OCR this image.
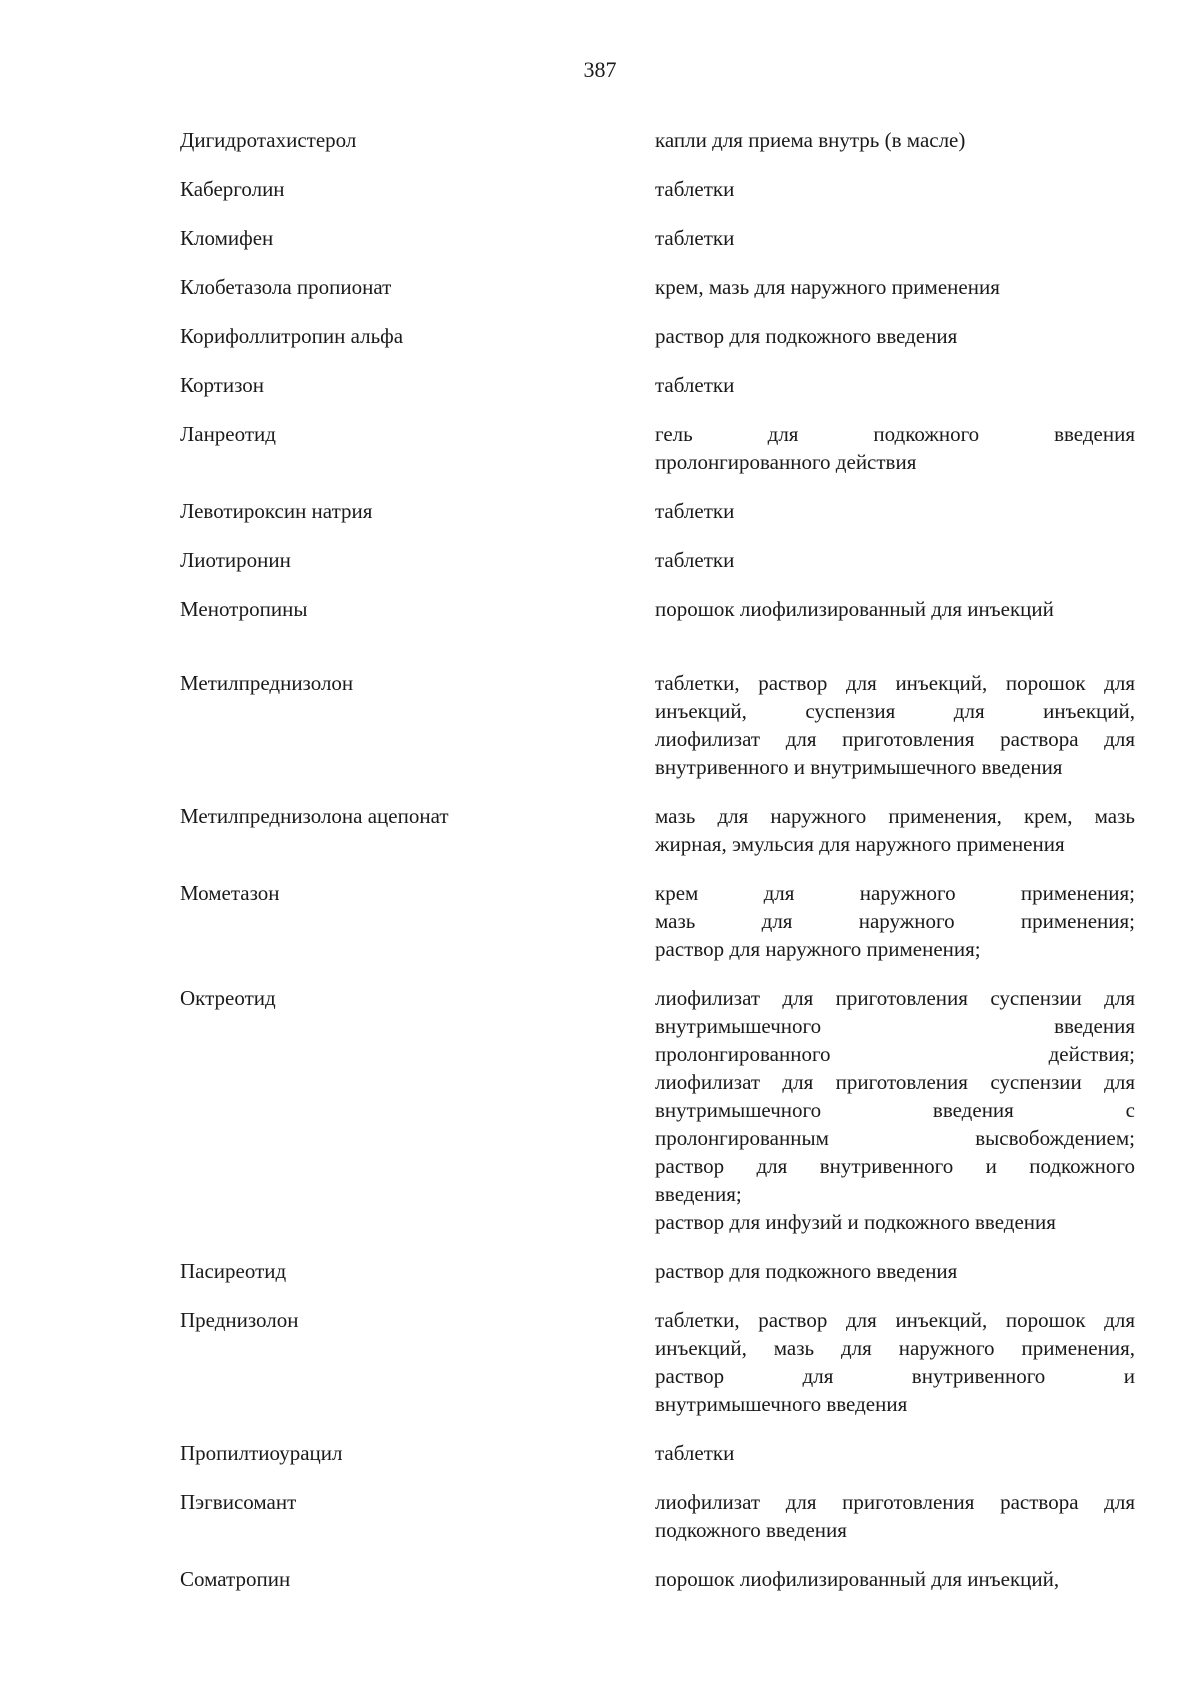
387
Дигидротахистерол	капли для приема внутрь (в масле)
Каберголин	таблетки
Кломифен	таблетки
Клобетазола пропионат	крем, мазь для наружного применения
Корифоллитропин альфа	раствор для подкожного введения
Кортизон	таблетки
Ланреотид	гель для подкожного введения
пролонгированного действия
Левотироксин натрия	таблетки
Лиотиронин	таблетки
Менотропины	порошок лиофилизированный для инъекций
Метилпреднизолон	таблетки, раствор для инъекций, порошок для
инъекций, суспензия для инъекций,
лиофилизат для приготовления раствора для
внутривенного и внутримышечного введения
Метилпреднизолона ацепонат	мазь для наружного применения, крем, мазь
жирная, эмульсия для наружного применения
Мометазон	крем для наружного применения;
мазь для наружного применения;
раствор для наружного применения;
Октреотид	лиофилизат для приготовления суспензии для
внутримышечного введения
пролонгированного действия;
лиофилизат для приготовления суспензии для
внутримышечного введения с
пролонгированным высвобождением;
раствор для внутривенного и подкожного
введения;
раствор для инфузий и подкожного введения
Пасиреотид	раствор для подкожного введения
Преднизолон	таблетки, раствор для инъекций, порошок для
инъекций, мазь для наружного применения,
раствор для внутривенного и
внутримышечного введения
Пропилтиоурацил	таблетки
Пэгвисомант	лиофилизат для приготовления раствора для
подкожного введения
Соматропин	порошок лиофилизированный для инъекций,
